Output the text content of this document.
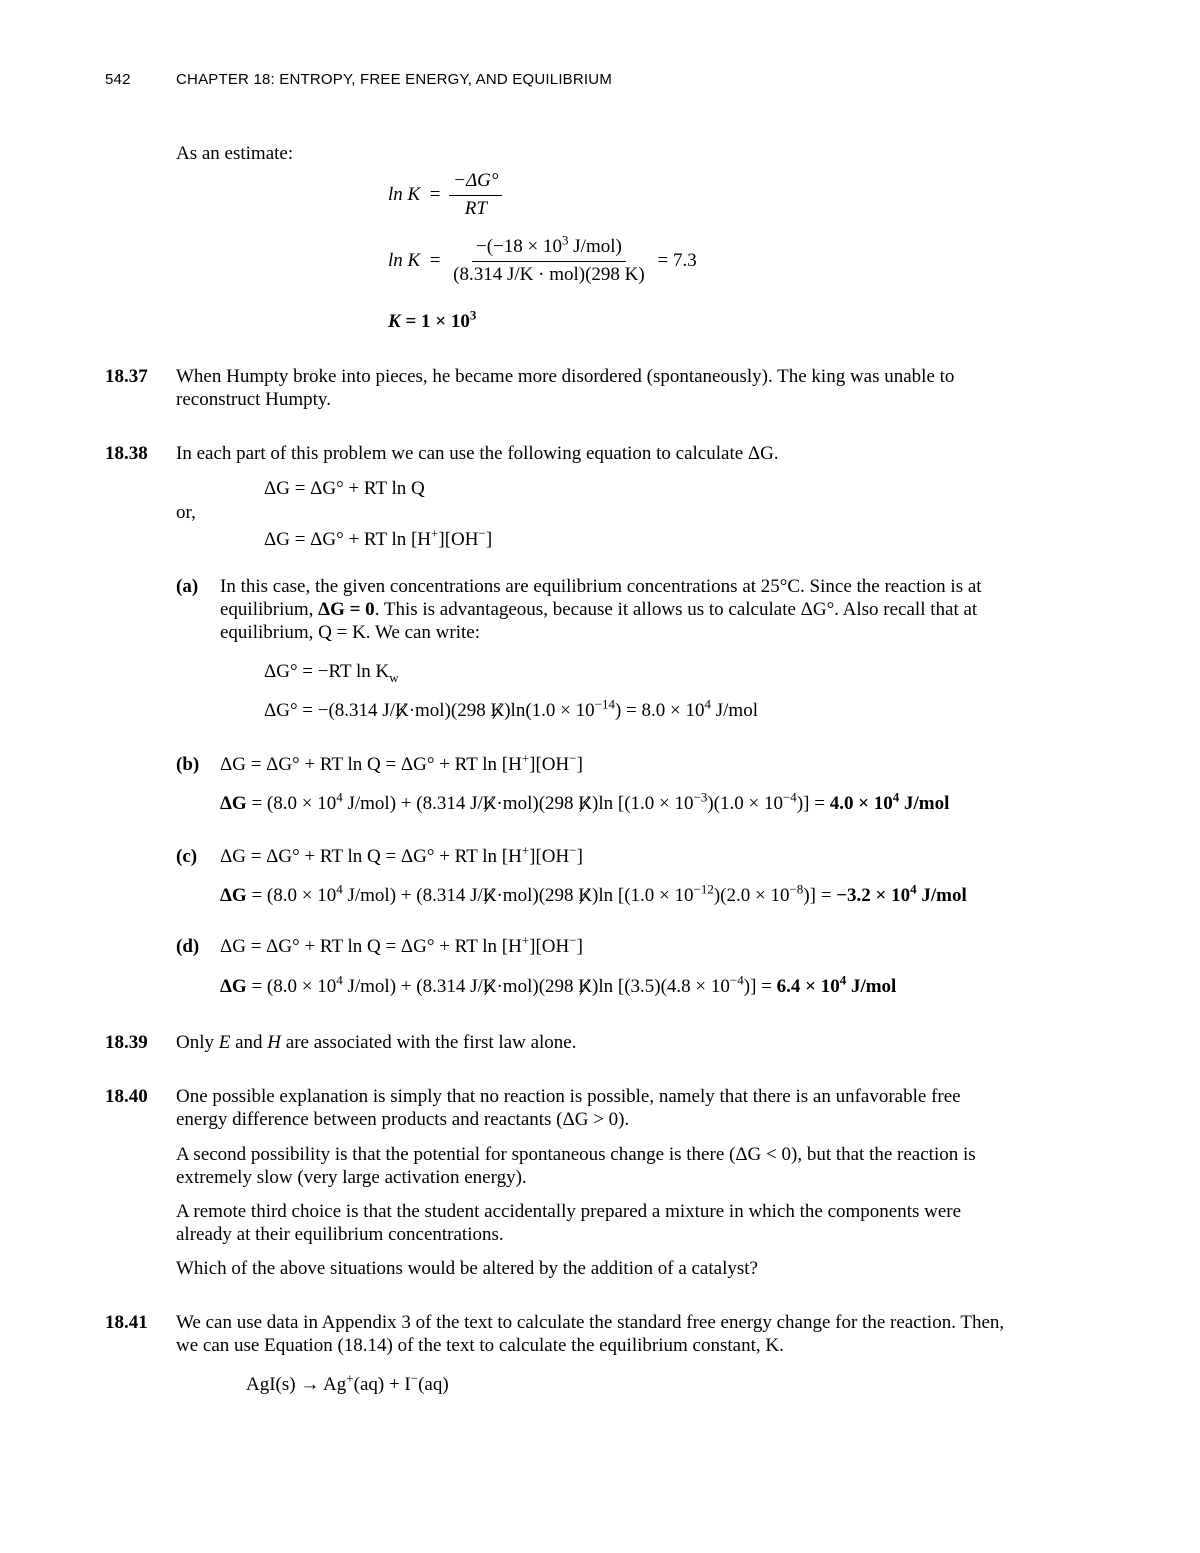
542	CHAPTER 18: ENTROPY, FREE ENERGY, AND EQUILIBRIUM
As an estimate:
$\ln K = \frac{-\Delta G^\circ}{RT}$
$\ln K = \frac{-(-18 \times 10^3 J/mol)}{\text{(8.314 J/K · mol)(298 K)}}$
= 7.3
$K = 1 \times 10^3$
18.37 When Humpty broke into pieces, he became more disordered (spontaneously). The king was unable to
reconstruct Humpty.
18.38 In each part of this problem we can use the following equation to calculate ΔG.
ΔG = ΔG° + RT ln Q
or,
ΔG = ΔG° + RT ln [H+][OH−]
(a) In this case, the given concentrations are equilibrium concentrations at 25°C. Since the reaction is at
equilibrium, ΔG = 0. This is advantageous, because it allows us to calculate ΔG°. Also recall that at
equilibrium, Q = K. We can write:
ΔG° = −RT $\ln K_w$
ΔG° = −(8.314 J/K·mol)(298 $K)\ln(1.0 \times 10^{-14}) = 8.0 \times 10^4$ J/mol
(b) ΔG = ΔG° + RT ln Q = ΔG° + RT ln [H+][OH−]
$\Delta G = (8.0 \times 10^4$ J/mol) + (8.314 J/K·mol)(298 K)ln $[(1.0 \times 10^{-3})(1.0 \times 10^{-4})] = 4.0 \times 10^4$ J/mol
(c) ΔG = ΔG° + RT ln Q = ΔG° + RT ln [H+][OH−]
$\Delta G = (8.0 \times 10^4$ J/mol) + (8.314 J/K·mol)(298 K)ln $[(1.0 \times 10^{-12})(2.0 \times 10^{-8})] = -3.2 \times 10^4$ J/mol
(d) ΔG = ΔG° + RT ln Q = ΔG° + RT ln [H+][OH−]
$\Delta G = (8.0 \times 10^4$ J/mol) + (8.314 J/K·mol)(298 K)ln $[(3.5)(4.8 \times 10^{-4})] = 6.4 \times 10^4$ J/mol
18.39 Only E and H are associated with the first law alone.
18.40 One possible explanation is simply that no reaction is possible, namely that there is an unfavorable free
energy difference between products and reactants (ΔG > 0).
A second possibility is that the potential for spontaneous change is there (ΔG < 0), but that the reaction is
extremely slow (very large activation energy).
A remote third choice is that the student accidentally prepared a mixture in which the components were
already at their equilibrium concentrations.
Which of the above situations would be altered by the addition of a catalyst?
18.41 We can use data in Appendix 3 of the text to calculate the standard free energy change for the reaction. Then,
we can use Equation (18.14) of the text to calculate the equilibrium constant, K.
AgI(s) → Ag+(aq) + I−(aq)
